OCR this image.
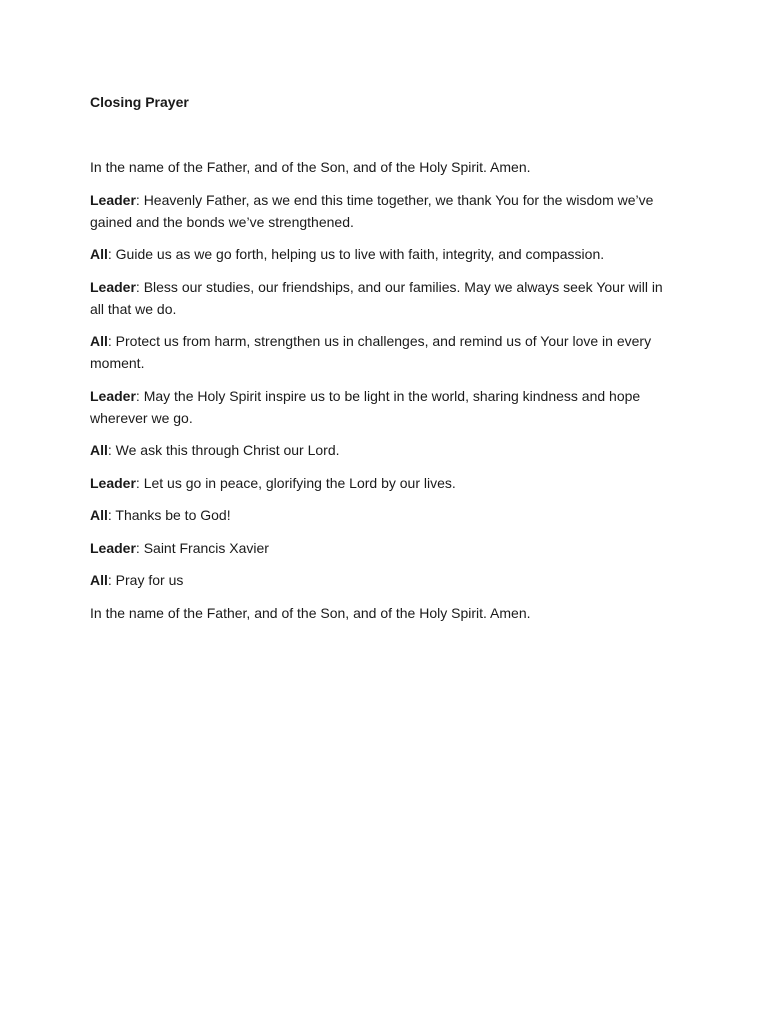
Closing Prayer

In the name of the Father, and of the Son, and of the Holy Spirit. Amen.

Leader: Heavenly Father, as we end this time together, we thank You for the wisdom we’ve gained and the bonds we’ve strengthened.

All: Guide us as we go forth, helping us to live with faith, integrity, and compassion.

Leader: Bless our studies, our friendships, and our families. May we always seek Your will in all that we do.

All: Protect us from harm, strengthen us in challenges, and remind us of Your love in every moment.

Leader: May the Holy Spirit inspire us to be light in the world, sharing kindness and hope wherever we go.

All: We ask this through Christ our Lord.

Leader: Let us go in peace, glorifying the Lord by our lives.

All: Thanks be to God!

Leader: Saint Francis Xavier

All: Pray for us

In the name of the Father, and of the Son, and of the Holy Spirit. Amen.
